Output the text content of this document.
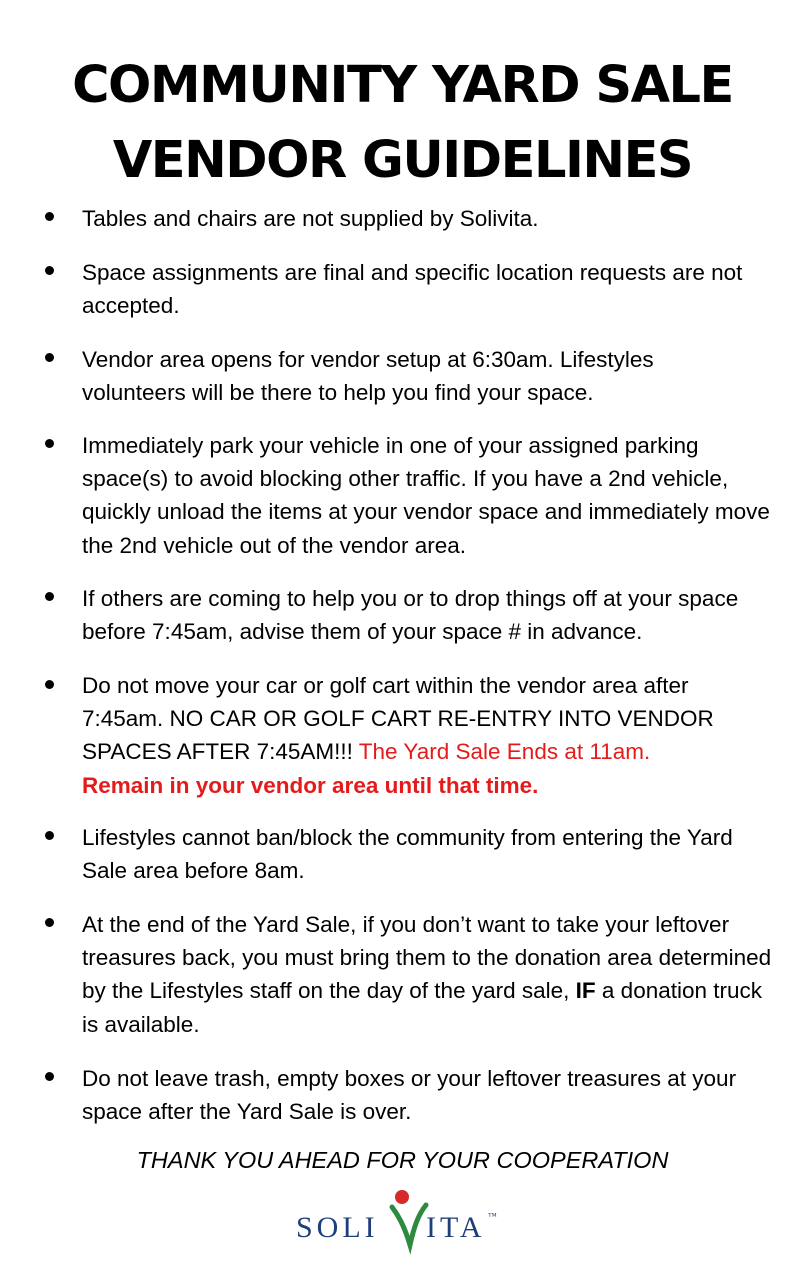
COMMUNITY YARD SALE
VENDOR GUIDELINES
Tables and chairs are not supplied by Solivita.
Space assignments are final and specific location requests are not accepted.
Vendor area opens for vendor setup at 6:30am. Lifestyles volunteers will be there to help you find your space.
Immediately park your vehicle in one of your assigned parking space(s) to avoid blocking other traffic. If you have a 2nd vehicle, quickly unload the items at your vendor space and immediately move the 2nd vehicle out of the vendor area.
If others are coming to help you or to drop things off at your space before 7:45am, advise them of your space # in advance.
Do not move your car or golf cart within the vendor area after 7:45am. NO CAR OR GOLF CART RE-ENTRY INTO VENDOR SPACES AFTER 7:45AM!!! The Yard Sale Ends at 11am.
Remain in your vendor area until that time.
Lifestyles cannot ban/block the community from entering the Yard Sale area before 8am.
At the end of the Yard Sale, if you don’t want to take your leftover treasures back, you must bring them to the donation area determined by the Lifestyles staff on the day of the yard sale, IF a donation truck is available.
Do not leave trash, empty boxes or your leftover treasures at your space after the Yard Sale is over.
THANK YOU AHEAD FOR YOUR COOPERATION
SOLI ITA ™
